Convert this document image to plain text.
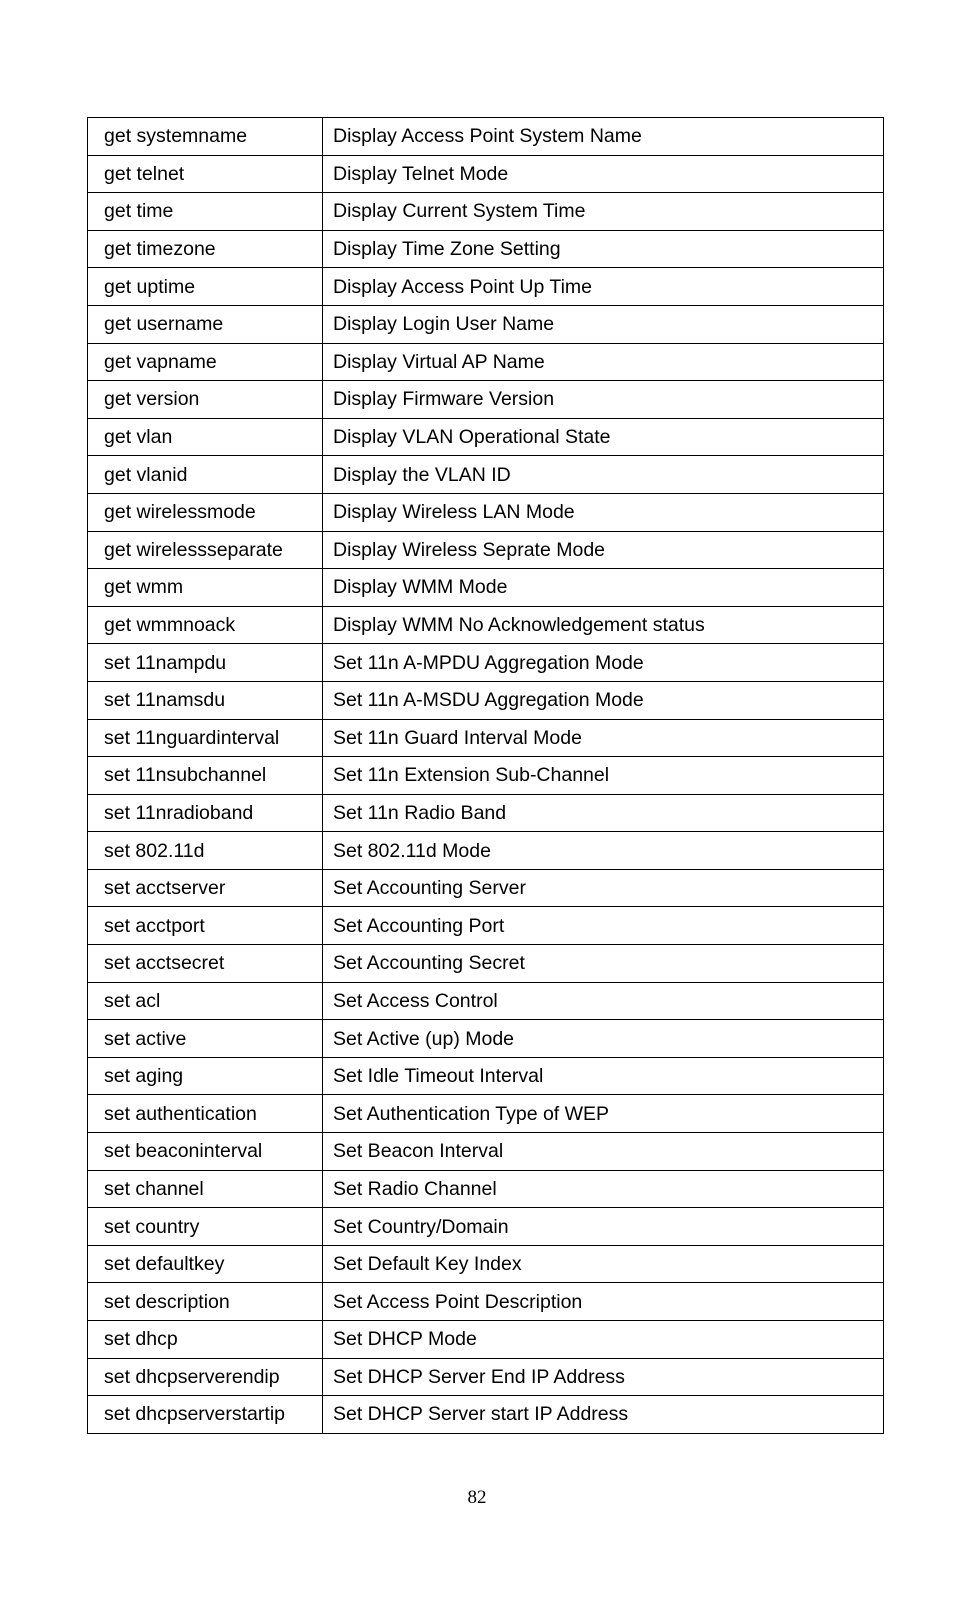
get systemname	Display Access Point System Name
get telnet	Display Telnet Mode
get time	Display Current System Time
get timezone	Display Time Zone Setting
get uptime	Display Access Point Up Time
get username	Display Login User Name
get vapname	Display Virtual AP Name
get version	Display Firmware Version
get vlan	Display VLAN Operational State
get vlanid	Display the VLAN ID
get wirelessmode	Display Wireless LAN Mode
get wirelessseparate	Display Wireless Seprate Mode
get wmm	Display WMM Mode
get wmmnoack	Display WMM No Acknowledgement status
set 11nampdu	Set 11n A-MPDU Aggregation Mode
set 11namsdu	Set 11n A-MSDU Aggregation Mode
set 11nguardinterval	Set 11n Guard Interval Mode
set 11nsubchannel	Set 11n Extension Sub-Channel
set 11nradioband	Set 11n Radio Band
set 802.11d	Set 802.11d Mode
set acctserver	Set Accounting Server
set acctport	Set Accounting Port
set acctsecret	Set Accounting Secret
set acl	Set Access Control
set active	Set Active (up) Mode
set aging	Set Idle Timeout Interval
set authentication	Set Authentication Type of WEP
set beaconinterval	Set Beacon Interval
set channel	Set Radio Channel
set country	Set Country/Domain
set defaultkey	Set Default Key Index
set description	Set Access Point Description
set dhcp	Set DHCP Mode
set dhcpserverendip	Set DHCP Server End IP Address
set dhcpserverstartip	Set DHCP Server start IP Address
82
